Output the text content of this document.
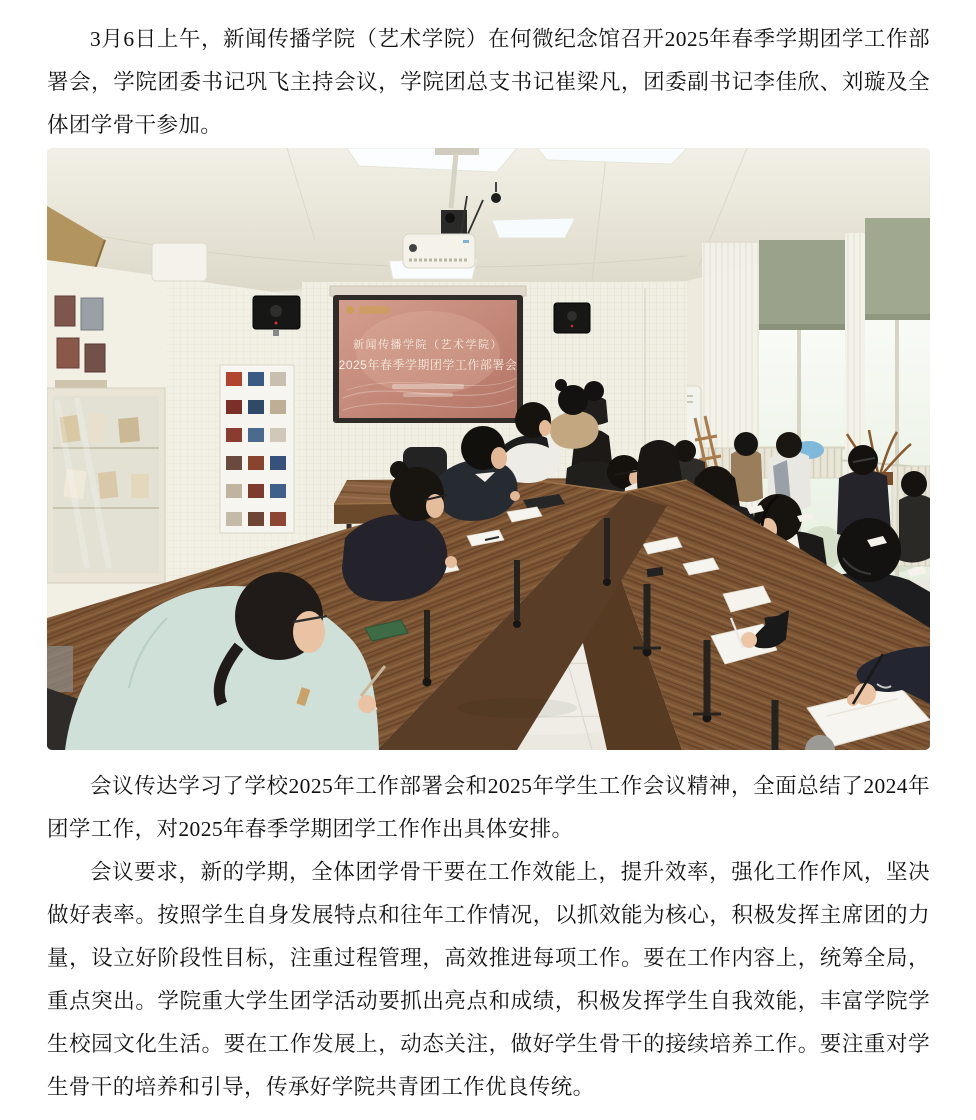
3月6日上午，新闻传播学院（艺术学院）在何微纪念馆召开2025年春季学期团学工作部署会，学院团委书记巩飞主持会议，学院团总支书记崔梁凡，团委副书记李佳欣、刘璇及全体团学骨干参加。

新闻传播学院（艺术学院）
2025年春季学期团学工作部署会

会议传达学习了学校2025年工作部署会和2025年学生工作会议精神，全面总结了2024年团学工作，对2025年春季学期团学工作作出具体安排。

会议要求，新的学期，全体团学骨干要在工作效能上，提升效率，强化工作作风，坚决做好表率。按照学生自身发展特点和往年工作情况，以抓效能为核心，积极发挥主席团的力量，设立好阶段性目标，注重过程管理，高效推进每项工作。要在工作内容上，统筹全局，重点突出。学院重大学生团学活动要抓出亮点和成绩，积极发挥学生自我效能，丰富学院学生校园文化生活。要在工作发展上，动态关注，做好学生骨干的接续培养工作。要注重对学生骨干的培养和引导，传承好学院共青团工作优良传统。
